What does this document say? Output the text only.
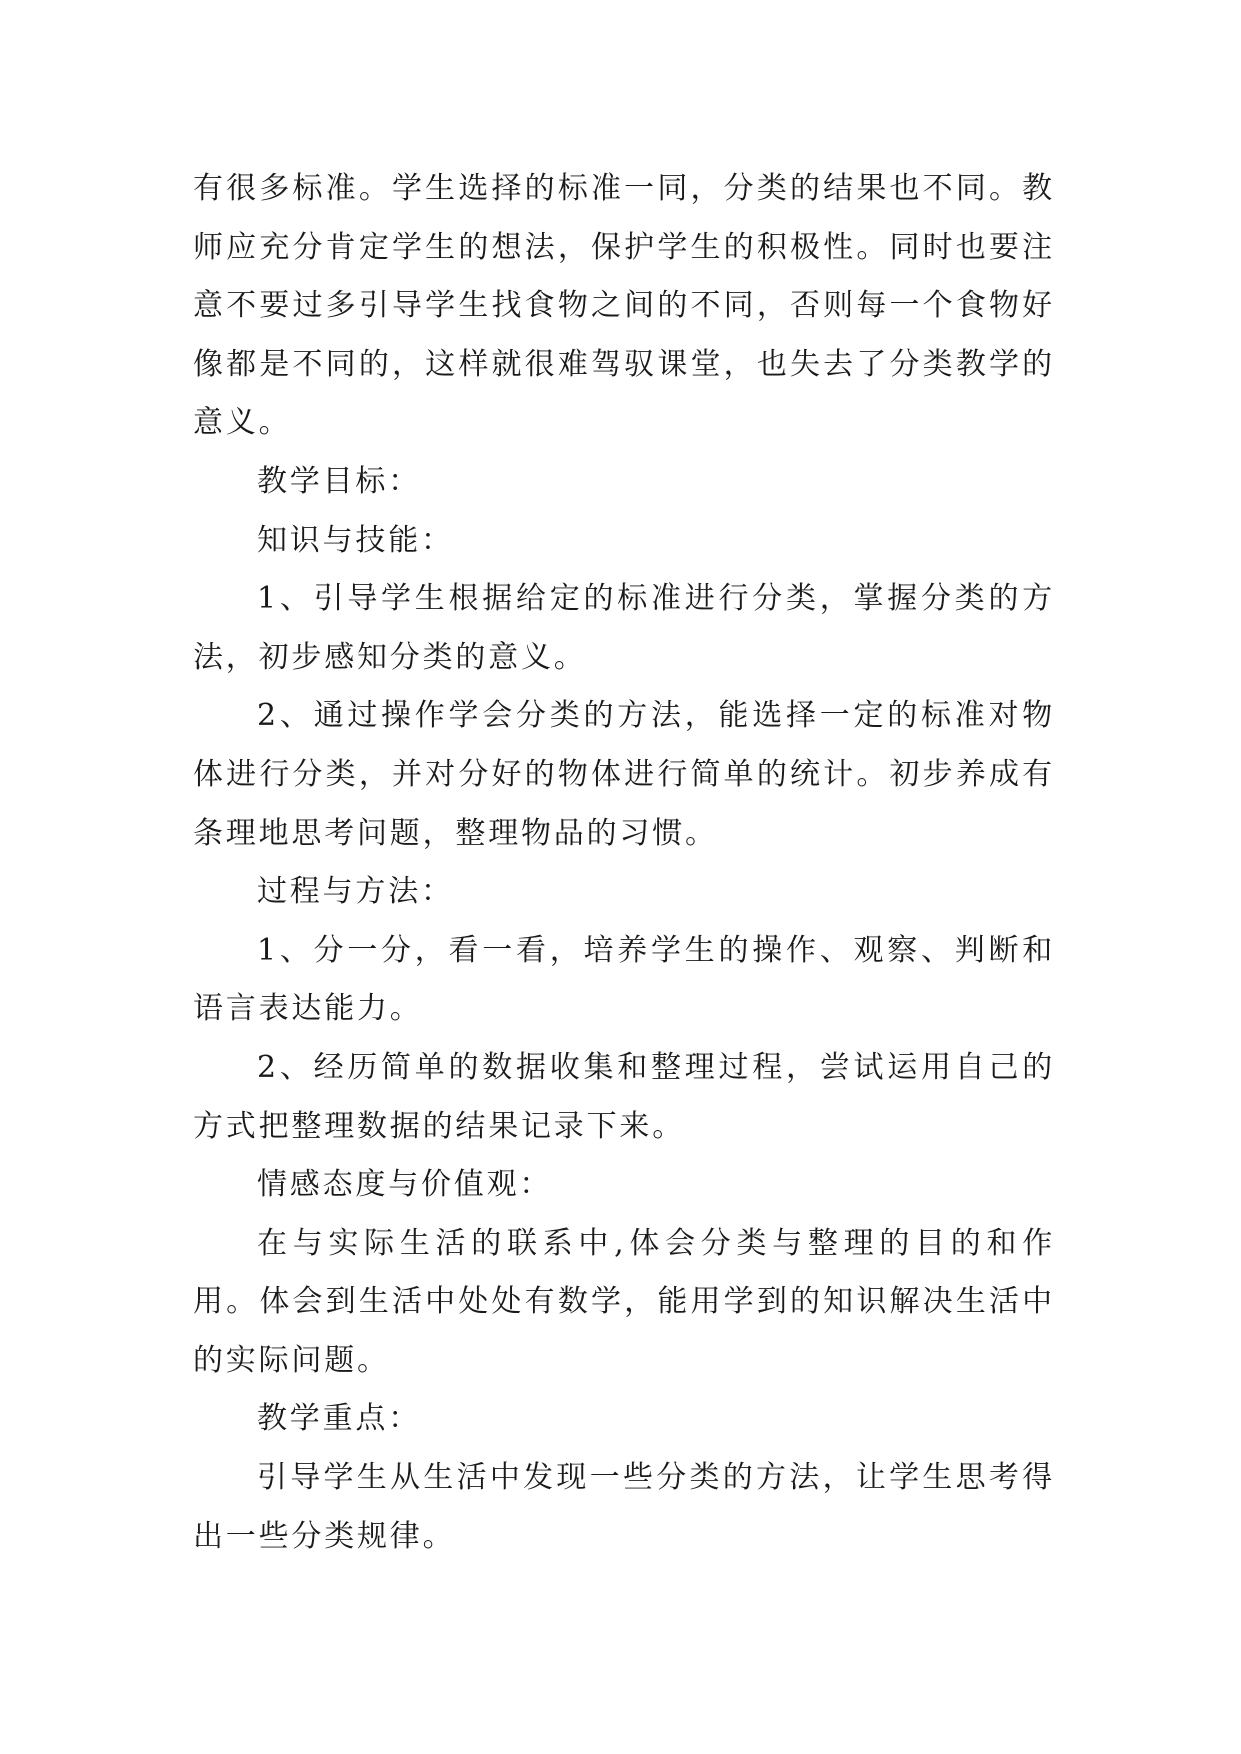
有很多标准。学生选择的标准一同，分类的结果也不同。教师应充分肯定学生的想法，保护学生的积极性。同时也要注意不要过多引导学生找食物之间的不同，否则每一个食物好像都是不同的，这样就很难驾驭课堂，也失去了分类教学的意义。

教学目标：

知识与技能：

1、引导学生根据给定的标准进行分类，掌握分类的方法，初步感知分类的意义。

2、通过操作学会分类的方法，能选择一定的标准对物体进行分类，并对分好的物体进行简单的统计。初步养成有条理地思考问题，整理物品的习惯。

过程与方法：

1、分一分，看一看，培养学生的操作、观察、判断和语言表达能力。

2、经历简单的数据收集和整理过程，尝试运用自己的方式把整理数据的结果记录下来。

情感态度与价值观：

在与实际生活的联系中,体会分类与整理的目的和作用。体会到生活中处处有数学，能用学到的知识解决生活中的实际问题。

教学重点：

引导学生从生活中发现一些分类的方法，让学生思考得出一些分类规律。
